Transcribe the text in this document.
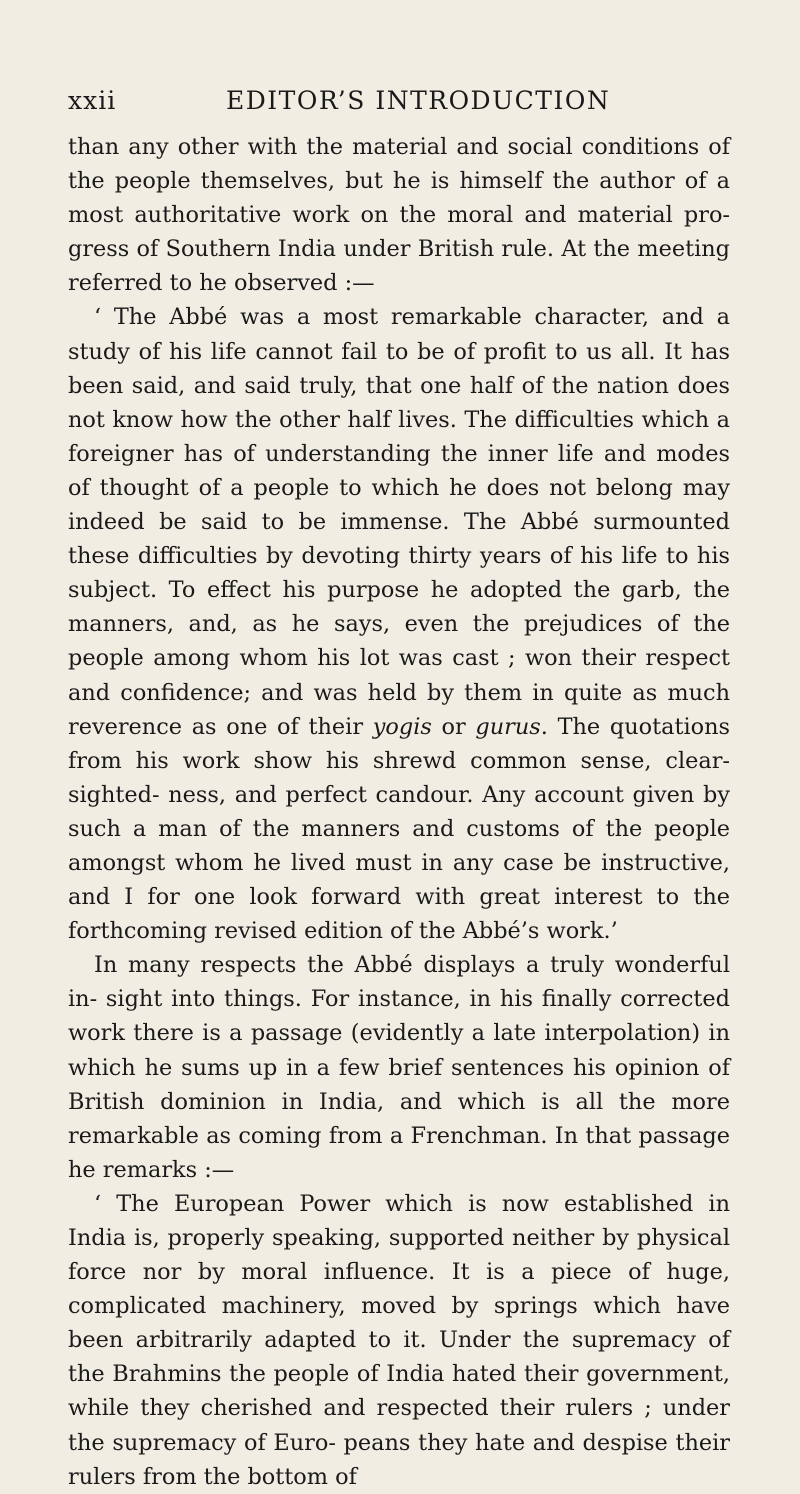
xxii	EDITOR’S INTRODUCTION

than any other with the material and social conditions of the people themselves, but he is himself the author of a most authoritative work on the moral and material pro- gress of Southern India under British rule. At the meeting referred to he observed :—

‘ The Abbé was a most remarkable character, and a study of his life cannot fail to be of profit to us all. It has been said, and said truly, that one half of the nation does not know how the other half lives. The difficulties which a foreigner has of understanding the inner life and modes of thought of a people to which he does not belong may indeed be said to be immense. The Abbé surmounted these difficulties by devoting thirty years of his life to his subject. To effect his purpose he adopted the garb, the manners, and, as he says, even the prejudices of the people among whom his lot was cast ; won their respect and confidence; and was held by them in quite as much reverence as one of their yogis or gurus. The quotations from his work show his shrewd common sense, clear-sighted- ness, and perfect candour. Any account given by such a man of the manners and customs of the people amongst whom he lived must in any case be instructive, and I for one look forward with great interest to the forthcoming revised edition of the Abbé’s work.’

In many respects the Abbé displays a truly wonderful in- sight into things. For instance, in his finally corrected work there is a passage (evidently a late interpolation) in which he sums up in a few brief sentences his opinion of British dominion in India, and which is all the more remarkable as coming from a Frenchman. In that passage he remarks :—

‘ The European Power which is now established in India is, properly speaking, supported neither by physical force nor by moral influence. It is a piece of huge, complicated machinery, moved by springs which have been arbitrarily adapted to it. Under the supremacy of the Brahmins the people of India hated their government, while they cherished and respected their rulers ; under the supremacy of Euro- peans they hate and despise their rulers from the bottom of
